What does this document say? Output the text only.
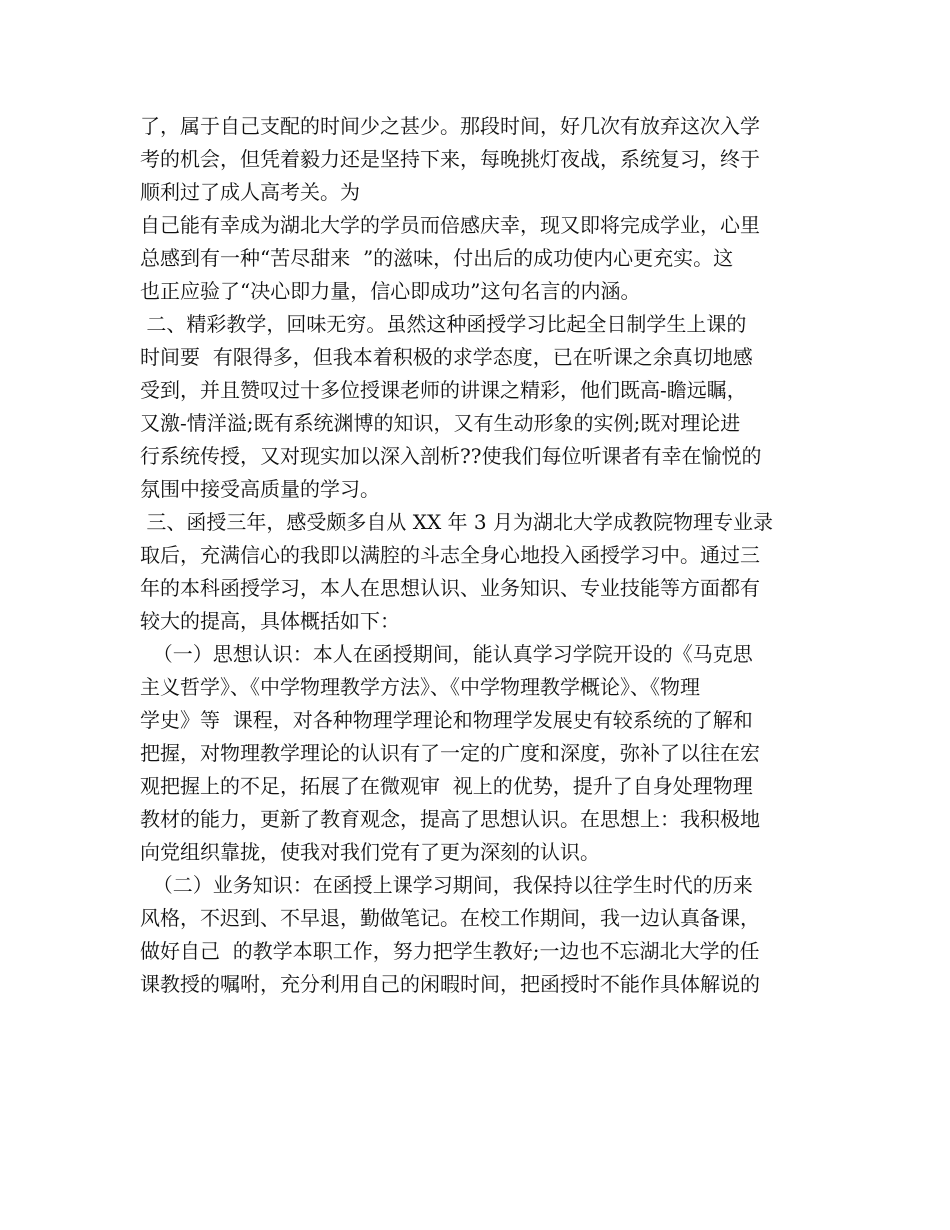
了，属于自己支配的时间少之甚少。那段时间，好几次有放弃这次入学
考的机会，但凭着毅力还是坚持下来，每晚挑灯夜战，系统复习，终于
顺利过了成人高考关。为
自己能有幸成为湖北大学的学员而倍感庆幸，现又即将完成学业，心里
总感到有一种“苦尽甜来  ”的滋味，付出后的成功使内心更充实。这
也正应验了“决心即力量，信心即成功”这句名言的内涵。
二、精彩教学，回味无穷。虽然这种函授学习比起全日制学生上课的
时间要  有限得多，但我本着积极的求学态度，已在听课之余真切地感
受到，并且赞叹过十多位授课老师的讲课之精彩，他们既高-瞻远瞩，
又激-情洋溢;既有系统渊博的知识，又有生动形象的实例;既对理论进
行系统传授，又对现实加以深入剖析??使我们每位听课者有幸在愉悦的
氛围中接受高质量的学习。
三、函授三年，感受颇多自从 XX 年 3 月为湖北大学成教院物理专业录
取后，充满信心的我即以满腔的斗志全身心地投入函授学习中。通过三
年的本科函授学习，本人在思想认识、业务知识、专业技能等方面都有
较大的提高，具体概括如下：
（一）思想认识：本人在函授期间，能认真学习学院开设的《马克思
主义哲学》、《中学物理教学方法》、《中学物理教学概论》、《物理
学史》等  课程，对各种物理学理论和物理学发展史有较系统的了解和
把握，对物理教学理论的认识有了一定的广度和深度，弥补了以往在宏
观把握上的不足，拓展了在微观审  视上的优势，提升了自身处理物理
教材的能力，更新了教育观念，提高了思想认识。在思想上：我积极地
向党组织靠拢，使我对我们党有了更为深刻的认识。
（二）业务知识：在函授上课学习期间，我保持以往学生时代的历来
风格，不迟到、不早退，勤做笔记。在校工作期间，我一边认真备课，
做好自己  的教学本职工作，努力把学生教好;一边也不忘湖北大学的任
课教授的嘱咐，充分利用自己的闲暇时间，把函授时不能作具体解说的
